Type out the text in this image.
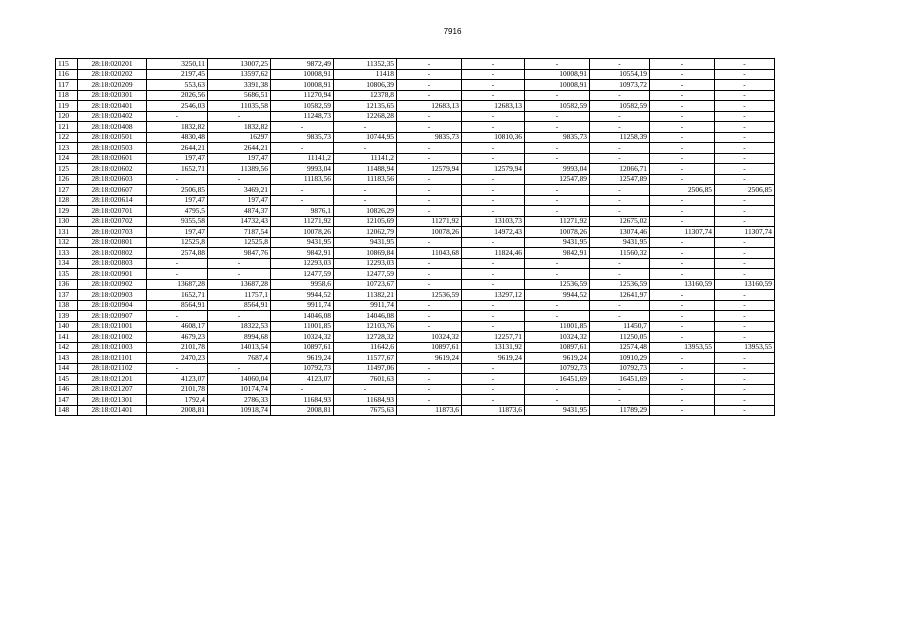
7916
115	28:18:020201	3250,11	13007,25	9872,49	11352,35	-	-	-	-	-	-
116	28:18:020202	2197,45	13597,62	10008,91	11418	-	-	10008,91	10554,19	-	-
117	28:18:020209	553,63	3391,38	10008,91	10806,39	-	-	10008,91	10973,72	-	-
118	28:18:020301	2026,56	5686,51	11270,94	12378,8	-	-	-	-	-	-
119	28:18:020401	2546,03	11035,58	10582,59	12135,65	12683,13	12683,13	10582,59	10582,59	-	-
120	28:18:020402	-	-	11248,73	12268,28	-	-	-	-	-	-
121	28:18:020408	1832,82	1832,82	-	-	-	-	-	-	-	-
122	28:18:020501	4830,48	16297	9835,73	10744,95	9835,73	10810,36	9835,73	11258,39	-	-
123	28:18:020503	2644,21	2644,21	-	-	-	-	-	-	-	-
124	28:18:020601	197,47	197,47	11141,2	11141,2	-	-	-	-	-	-
125	28:18:020602	1652,71	11389,56	9993,04	11488,94	12579,94	12579,94	9993,04	12066,71	-	-
126	28:18:020603	-	-	11183,56	11183,56	-	-	12547,89	12547,89	-	-
127	28:18:020607	2506,85	3469,21	-	-	-	-	-	-	2506,85	2506,85
128	28:18:020614	197,47	197,47	-	-	-	-	-	-	-	-
129	28:18:020701	4795,5	4874,37	9876,1	10826,29	-	-	-	-	-	-
130	28:18:020702	9355,58	14732,43	11271,92	12105,69	11271,92	13103,73	11271,92	12675,02	-	-
131	28:18:020703	197,47	7187,54	10078,26	12062,79	10078,26	14972,43	10078,26	13074,46	11307,74	11307,74
132	28:18:020801	12525,8	12525,8	9431,95	9431,95	-	-	9431,95	9431,95	-	-
133	28:18:020802	2574,88	9847,76	9842,91	10869,84	11043,68	11824,46	9842,91	11560,32	-	-
134	28:18:020803	-	-	12293,03	12293,03	-	-	-	-	-	-
135	28:18:020901	-	-	12477,59	12477,59	-	-	-	-	-	-
136	28:18:020902	13687,28	13687,28	9958,6	10723,67	-	-	12536,59	12536,59	13160,59	13160,59
137	28:18:020903	1652,71	11757,1	9944,52	11382,21	12536,59	13297,12	9944,52	12641,97	-	-
138	28:18:020904	8564,91	8564,91	9911,74	9911,74	-	-	-	-	-	-
139	28:18:020907	-	-	14046,08	14046,08	-	-	-	-	-	-
140	28:18:021001	4608,17	18322,53	11001,85	12103,76	-	-	11001,85	11450,7	-	-
141	28:18:021002	4679,23	8994,68	10324,32	12728,32	10324,32	12257,71	10324,32	11250,05	-	-
142	28:18:021003	2101,78	14013,54	10897,61	11642,6	10897,61	13131,92	10897,61	12574,48	13953,55	13953,55
143	28:18:021101	2470,23	7687,4	9619,24	11577,67	9619,24	9619,24	9619,24	10910,29	-	-
144	28:18:021102	-	-	10792,73	11497,06	-	-	10792,73	10792,73	-	-
145	28:18:021201	4123,07	14060,04	4123,07	7601,63	-	-	16451,69	16451,69	-	-
146	28:18:021207	2101,78	10174,74	-	-	-	-	-	-	-	-
147	28:18:021301	1792,4	2786,33	11684,93	11684,93	-	-	-	-	-	-
148	28:18:021401	2008,81	10918,74	2008,81	7675,63	11873,6	11873,6	9431,95	11789,29	-	-
